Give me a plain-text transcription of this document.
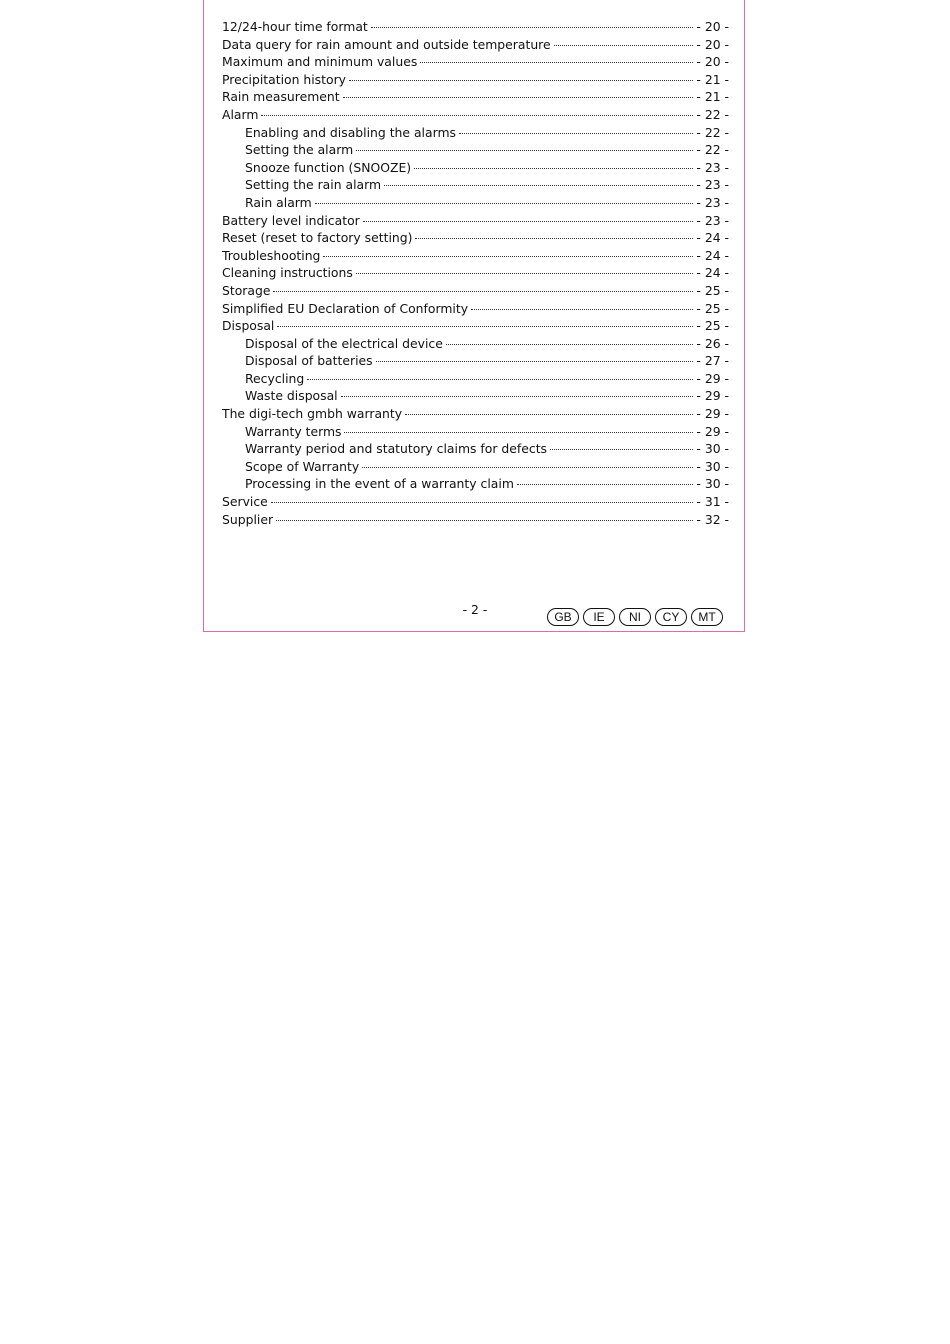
12/24-hour time format	- 20 -
Data query for rain amount and outside temperature	- 20 -
Maximum and minimum values	- 20 -
Precipitation history	- 21 -
Rain measurement	- 21 -
Alarm	- 22 -
Enabling and disabling the alarms	- 22 -
Setting the alarm	- 22 -
Snooze function (SNOOZE)	- 23 -
Setting the rain alarm	- 23 -
Rain alarm	- 23 -
Battery level indicator	- 23 -
Reset (reset to factory setting)	- 24 -
Troubleshooting	- 24 -
Cleaning instructions	- 24 -
Storage	- 25 -
Simplified EU Declaration of Conformity	- 25 -
Disposal	- 25 -
Disposal of the electrical device	- 26 -
Disposal of batteries	- 27 -
Recycling	- 29 -
Waste disposal	- 29 -
The digi-tech gmbh warranty	- 29 -
Warranty terms	- 29 -
Warranty period and statutory claims for defects	- 30 -
Scope of Warranty	- 30 -
Processing in the event of a warranty claim	- 30 -
Service	- 31 -
Supplier	- 32 -
- 2 -	GB	IE	NI	CY	MT
